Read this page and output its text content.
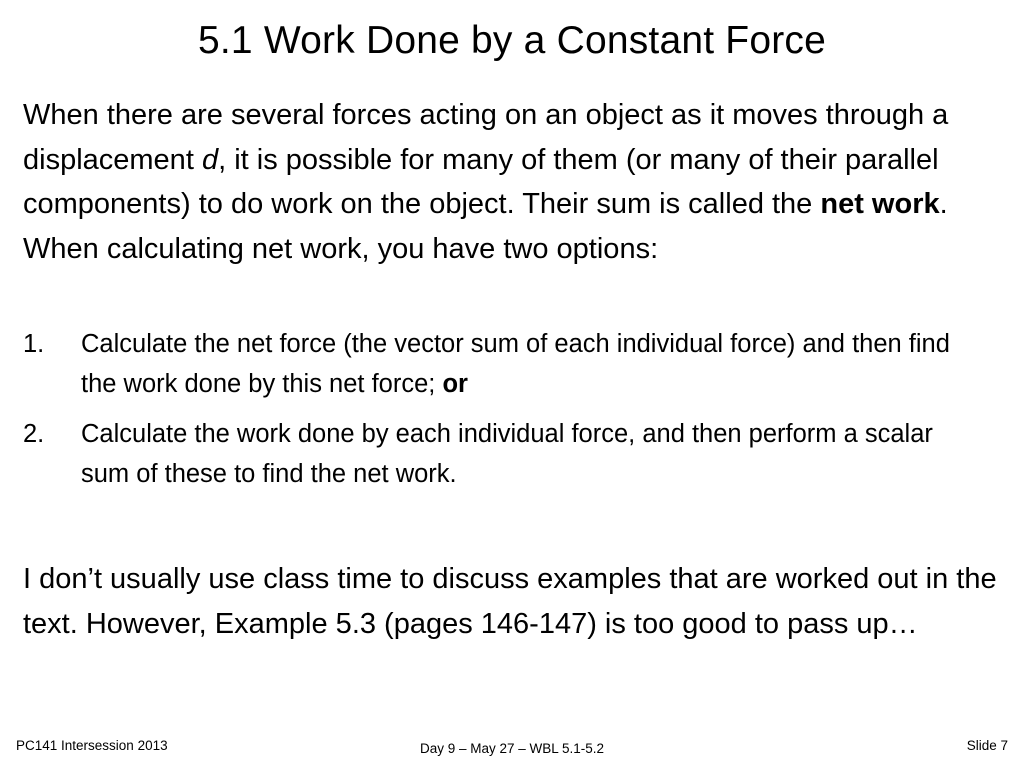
5.1 Work Done by a Constant Force
When there are several forces acting on an object as it moves through a displacement d, it is possible for many of them (or many of their parallel components) to do work on the object. Their sum is called the net work. When calculating net work, you have two options:
1. Calculate the net force (the vector sum of each individual force) and then find the work done by this net force; or
2. Calculate the work done by each individual force, and then perform a scalar sum of these to find the net work.
I don’t usually use class time to discuss examples that are worked out in the text. However, Example 5.3 (pages 146-147) is too good to pass up…
PC141 Intersession 2013	Day 9 – May 27 – WBL 5.1-5.2	Slide 7
